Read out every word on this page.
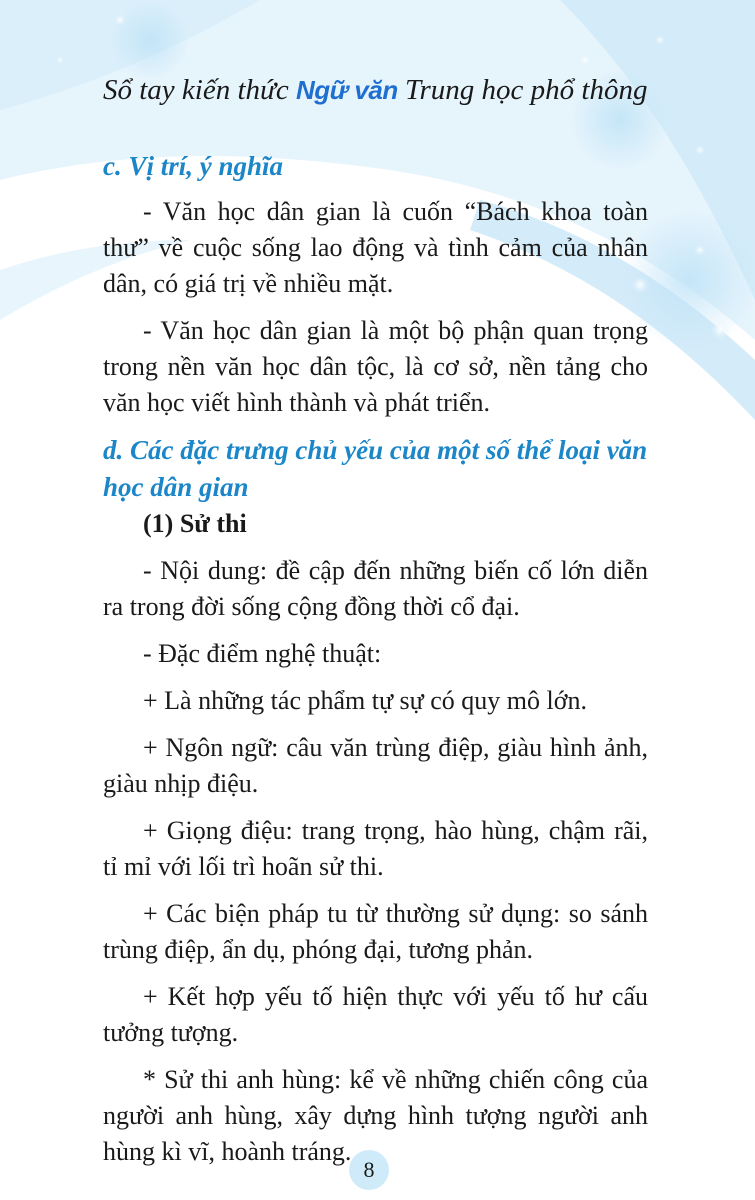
Sổ tay kiến thức Ngữ văn Trung học phổ thông

c. Vị trí, ý nghĩa

- Văn học dân gian là cuốn “Bách khoa toàn thư” về cuộc sống lao động và tình cảm của nhân dân, có giá trị về nhiều mặt.

- Văn học dân gian là một bộ phận quan trọng trong nền văn học dân tộc, là cơ sở, nền tảng cho văn học viết hình thành và phát triển.

d. Các đặc trưng chủ yếu của một số thể loại văn học dân gian

(1) Sử thi

- Nội dung: đề cập đến những biến cố lớn diễn ra trong đời sống cộng đồng thời cổ đại.

- Đặc điểm nghệ thuật:

+ Là những tác phẩm tự sự có quy mô lớn.

+ Ngôn ngữ: câu văn trùng điệp, giàu hình ảnh, giàu nhịp điệu.

+ Giọng điệu: trang trọng, hào hùng, chậm rãi, tỉ mỉ với lối trì hoãn sử thi.

+ Các biện pháp tu từ thường sử dụng: so sánh trùng điệp, ẩn dụ, phóng đại, tương phản.

+ Kết hợp yếu tố hiện thực với yếu tố hư cấu tưởng tượng.

* Sử thi anh hùng: kể về những chiến công của người anh hùng, xây dựng hình tượng người anh hùng kì vĩ, hoành tráng.

8
